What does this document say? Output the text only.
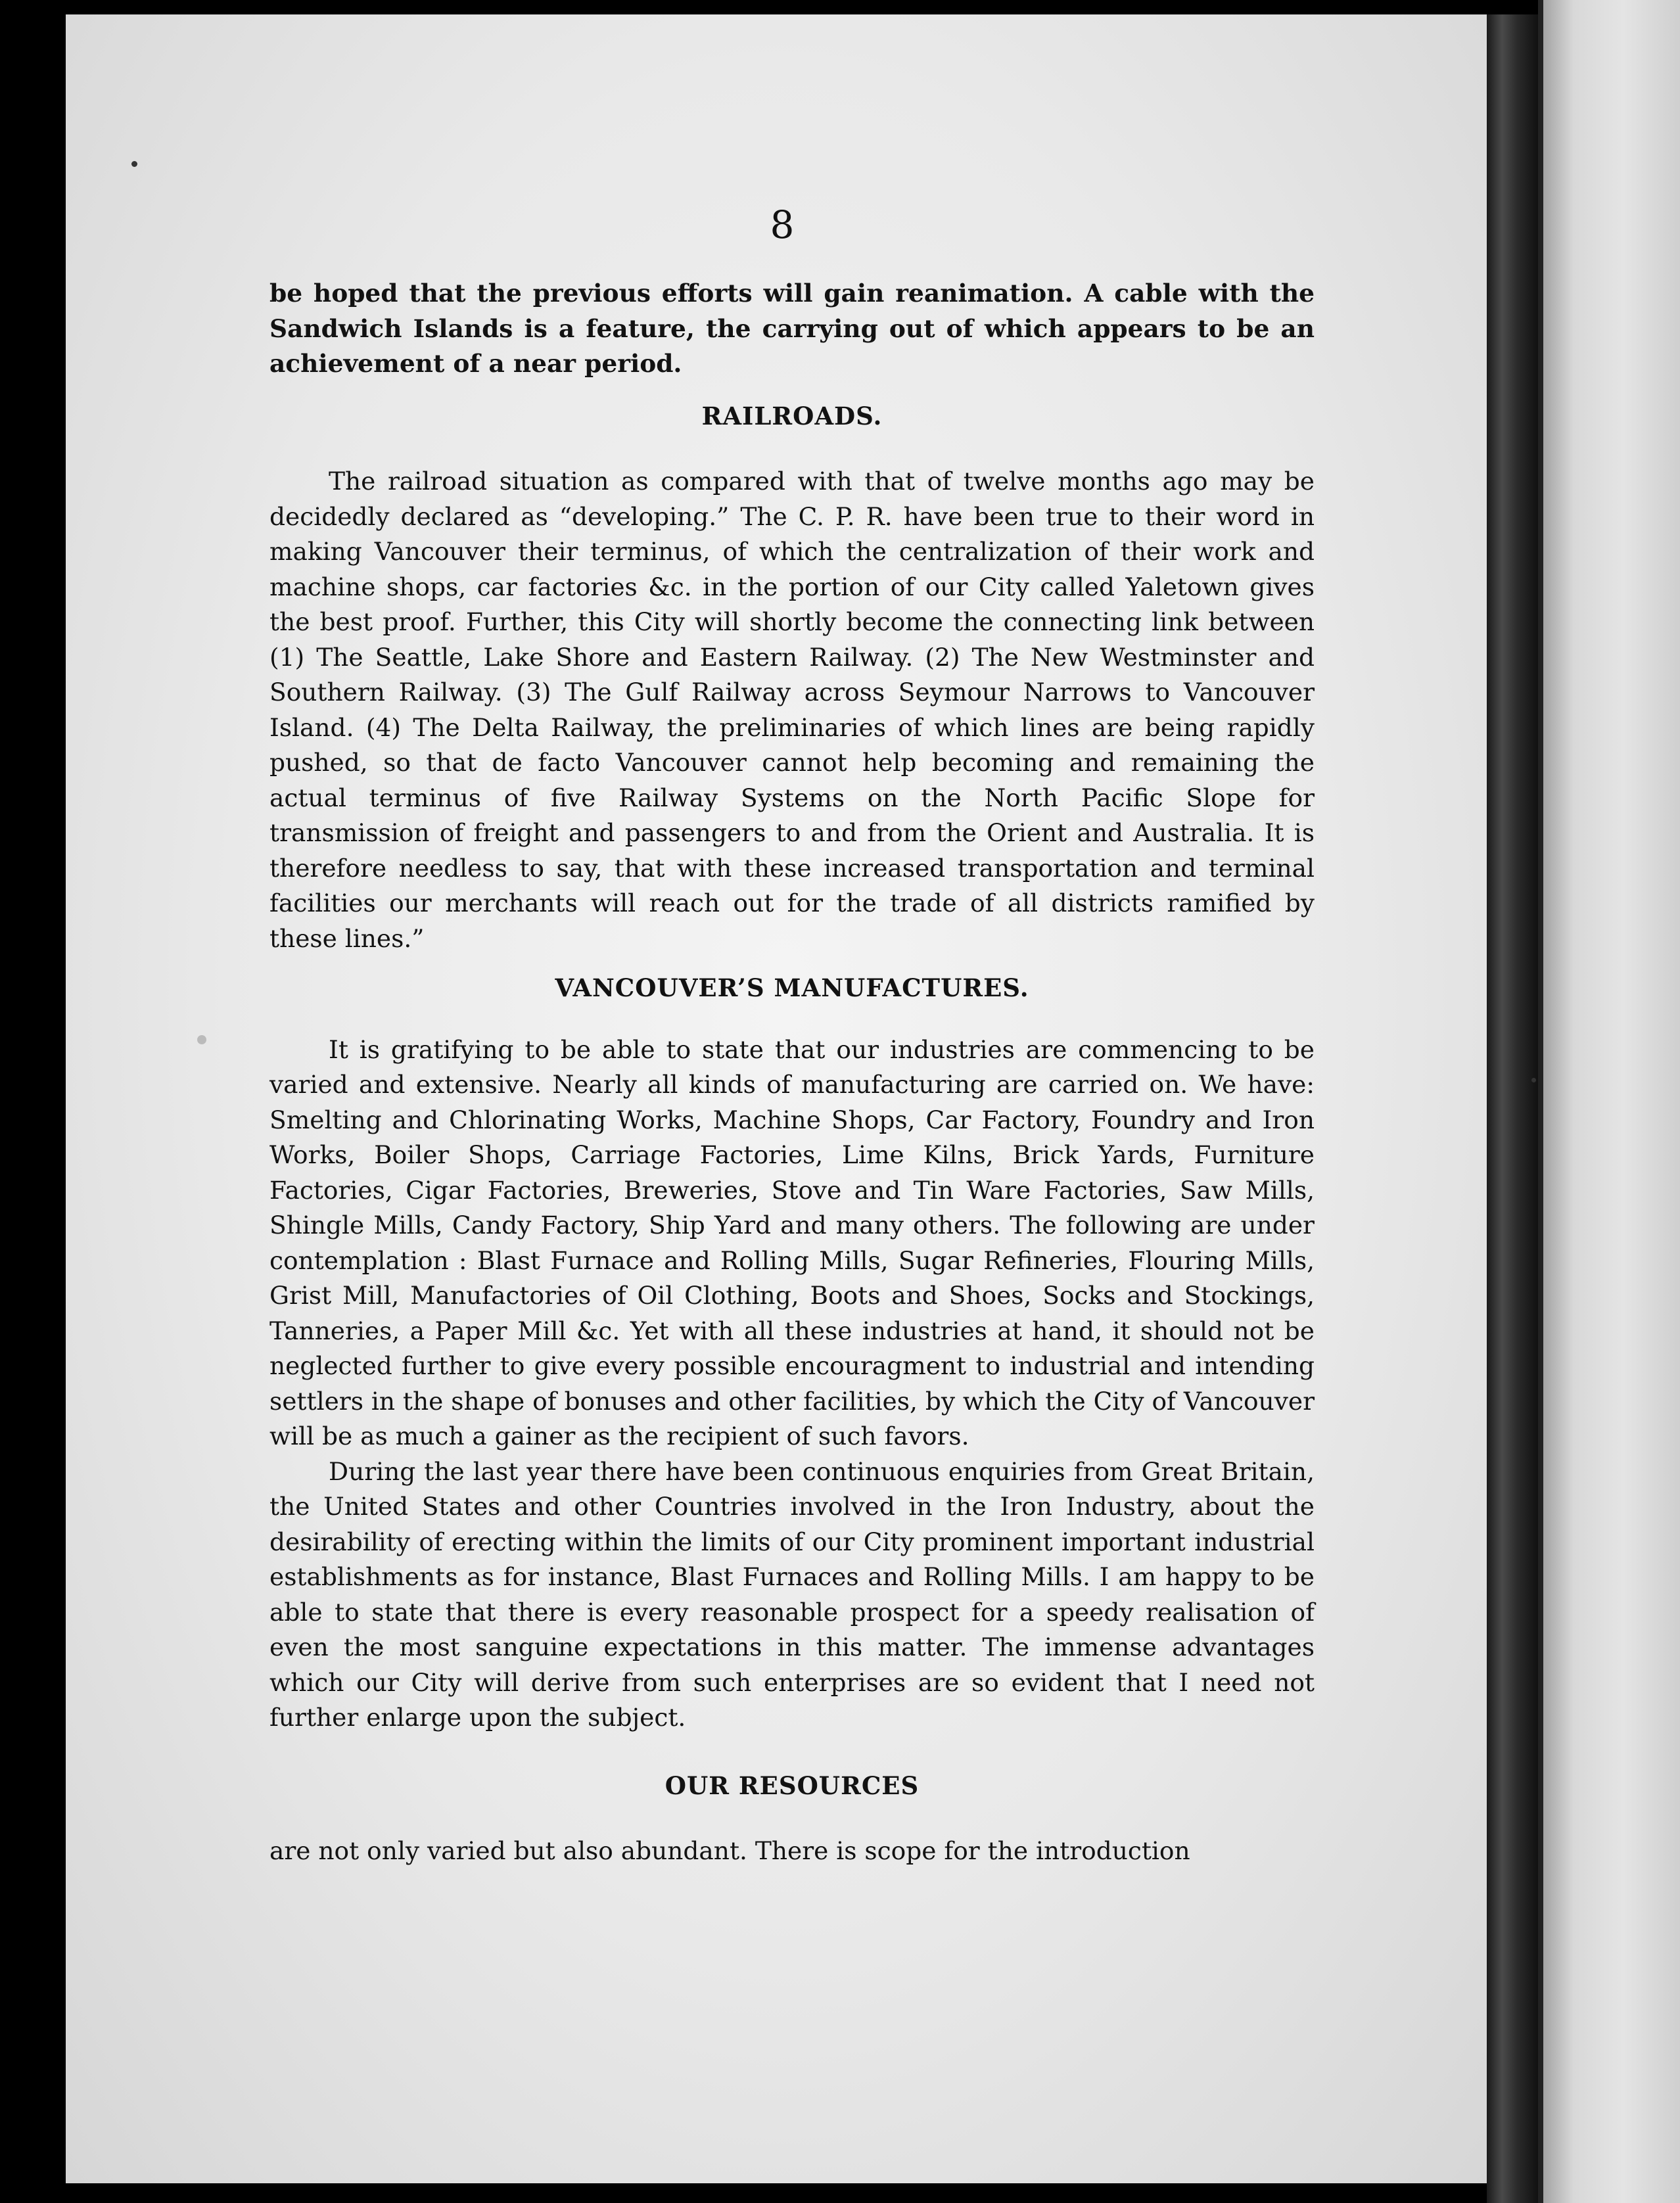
8

be hoped that the previous efforts will gain reanimation. A cable with the Sandwich Islands is a feature, the carrying out of which appears to be an achievement of a near period.

RAILROADS.

The railroad situation as compared with that of twelve months ago may be decidedly declared as “developing.” The C. P. R. have been true to their word in making Vancouver their terminus, of which the centralization of their work and machine shops, car factories &c. in the portion of our City called Yaletown gives the best proof. Further, this City will shortly become the connecting link between (1) The Seattle, Lake Shore and Eastern Railway. (2) The New Westminster and Southern Railway. (3) The Gulf Railway across Seymour Narrows to Vancouver Island. (4) The Delta Railway, the preliminaries of which lines are being rapidly pushed, so that de facto Vancouver cannot help becoming and remaining the actual terminus of five Railway Systems on the North Pacific Slope for transmission of freight and passengers to and from the Orient and Australia. It is therefore needless to say, that with these increased transportation and terminal facilities our merchants will reach out for the trade of all districts ramified by these lines.”

VANCOUVER’S MANUFACTURES.

It is gratifying to be able to state that our industries are commencing to be varied and extensive. Nearly all kinds of manufacturing are carried on. We have: Smelting and Chlorinating Works, Machine Shops, Car Factory, Foundry and Iron Works, Boiler Shops, Carriage Factories, Lime Kilns, Brick Yards, Furniture Factories, Cigar Factories, Breweries, Stove and Tin Ware Factories, Saw Mills, Shingle Mills, Candy Factory, Ship Yard and many others. The following are under contemplation : Blast Furnace and Rolling Mills, Sugar Refineries, Flouring Mills, Grist Mill, Manufactories of Oil Clothing, Boots and Shoes, Socks and Stockings, Tanneries, a Paper Mill &c. Yet with all these industries at hand, it should not be neglected further to give every possible encouragment to industrial and intending settlers in the shape of bonuses and other facilities, by which the City of Vancouver will be as much a gainer as the recipient of such favors.

During the last year there have been continuous enquiries from Great Britain, the United States and other Countries involved in the Iron Industry, about the desirability of erecting within the limits of our City prominent important industrial establishments as for instance, Blast Furnaces and Rolling Mills. I am happy to be able to state that there is every reasonable prospect for a speedy realisation of even the most sanguine expectations in this matter. The immense advantages which our City will derive from such enterprises are so evident that I need not further enlarge upon the subject.

OUR RESOURCES

are not only varied but also abundant. There is scope for the introduction
